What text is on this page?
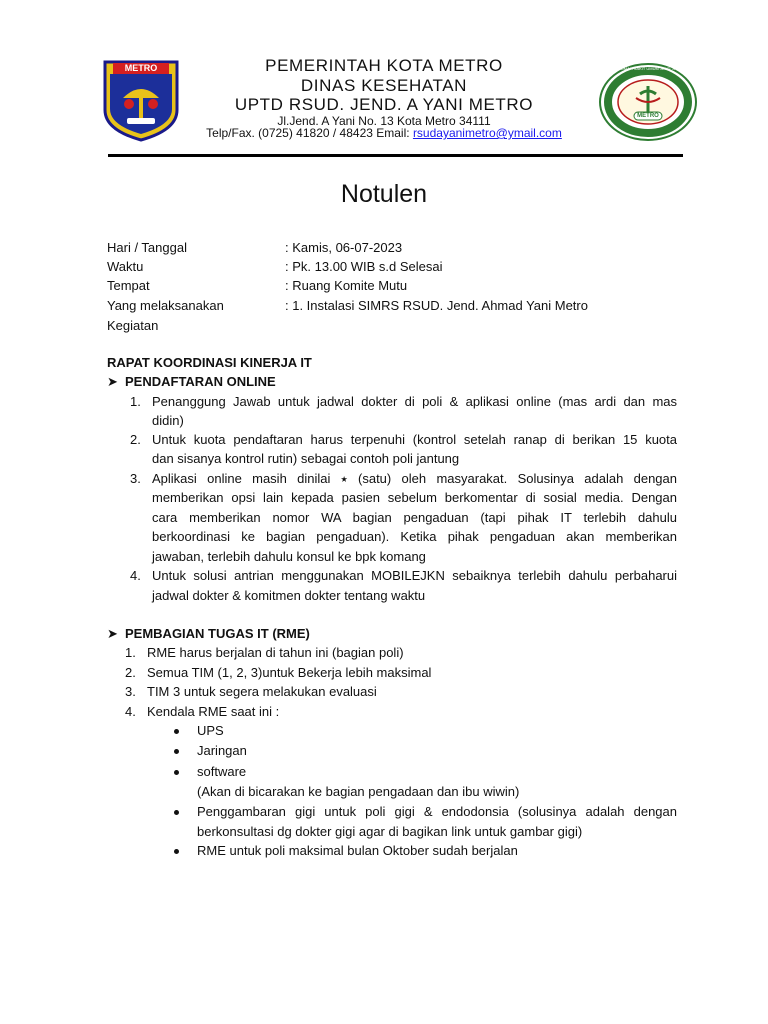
METRO
METRO
RUMAH SAKIT UMUM JEND. A YANI
PEMERINTAH KOTA METRO
DINAS KESEHATAN
UPTD RSUD. JEND. A YANI METRO
Jl.Jend. A Yani No. 13 Kota Metro 34111
Telp/Fax. (0725) 41820 / 48423 Email: rsudayanimetro@ymail.com
Notulen
Hari / Tanggal	: Kamis, 06-07-2023
Waktu	: Pk. 13.00 WIB s.d Selesai
Tempat	: Ruang Komite Mutu
Yang melaksanakan	: 1. Instalasi SIMRS RSUD. Jend. Ahmad Yani Metro
Kegiatan
RAPAT KOORDINASI KINERJA IT
➤ PENDAFTARAN ONLINE
1. Penanggung Jawab untuk jadwal dokter di poli & aplikasi online (mas ardi dan mas
didin)
2. Untuk kuota pendaftaran harus terpenuhi (kontrol setelah ranap di berikan 15 kuota
dan sisanya kontrol rutin) sebagai contoh poli jantung
3. Aplikasi online masih dinilai ⭑ (satu) oleh masyarakat. Solusinya adalah dengan
memberikan opsi lain kepada pasien sebelum berkomentar di sosial media. Dengan
cara memberikan nomor WA bagian pengaduan (tapi pihak IT terlebih dahulu
berkoordinasi ke bagian pengaduan). Ketika pihak pengaduan akan memberikan
jawaban, terlebih dahulu konsul ke bpk komang
4. Untuk solusi antrian menggunakan MOBILEJKN sebaiknya terlebih dahulu perbaharui
jadwal dokter & komitmen dokter tentang waktu
➤ PEMBAGIAN TUGAS IT (RME)
1. RME harus berjalan di tahun ini (bagian poli)
2. Semua TIM (1, 2, 3)untuk Bekerja lebih maksimal
3. TIM 3 untuk segera melakukan evaluasi
4. Kendala RME saat ini :
UPS
Jaringan
software
(Akan di bicarakan ke bagian pengadaan dan ibu wiwin)
Penggambaran gigi untuk poli gigi & endodonsia (solusinya adalah dengan
berkonsultasi dg dokter gigi agar di bagikan link untuk gambar gigi)
RME untuk poli maksimal bulan Oktober sudah berjalan
